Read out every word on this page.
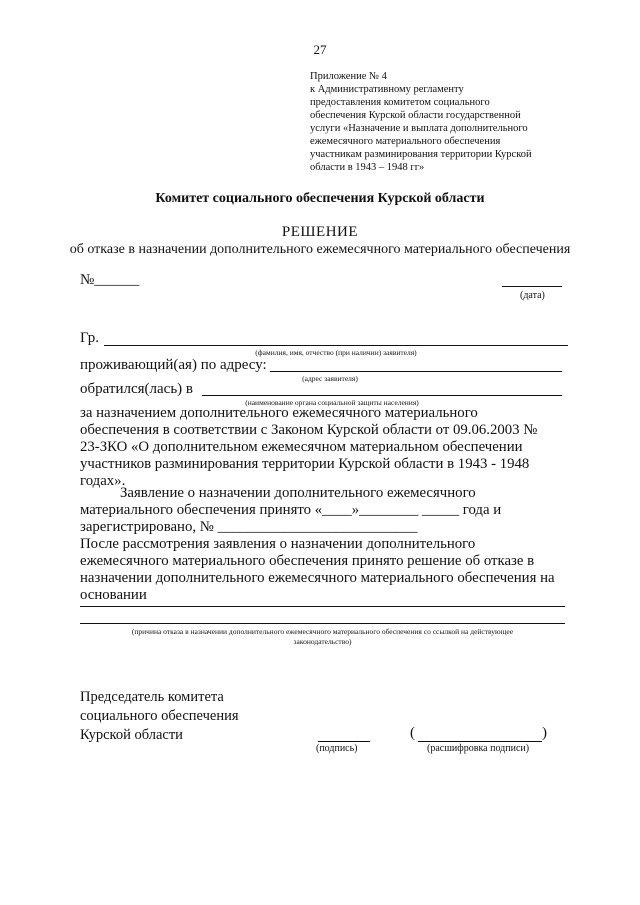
27
Приложение № 4
к Административному регламенту
предоставления комитетом социального
обеспечения Курской области государственной
услуги «Назначение и выплата дополнительного
ежемесячного материального обеспечения
участникам разминирования территории Курской
области в 1943 – 1948 гг»
Комитет социального обеспечения Курской области
РЕШЕНИЕ
об отказе в назначении дополнительного ежемесячного материального обеспечения
№______
(дата)
Гр.
(фамилия, имя, отчество (при наличии) заявителя)
проживающий(ая) по адресу:
(адрес заявителя)
обратился(лась) в
(наименование органа социальной защиты населения)
за назначением дополнительного ежемесячного материального
обеспечения в соответствии с Законом Курской области от 09.06.2003 №
23-ЗКО «О дополнительном ежемесячном материальном обеспечении
участников разминирования территории Курской области в 1943 - 1948
годах».
Заявление о назначении дополнительного ежемесячного
материального обеспечения принято «____»________ _____ года и
зарегистрировано, № ___________________________
После рассмотрения заявления о назначении дополнительного
ежемесячного материального обеспечения принято решение об отказе в
назначении дополнительного ежемесячного материального обеспечения на
основании
(причина отказа в назначении дополнительного ежемесячного материального обеспечения со ссылкой на действующее
законодательство)
Председатель комитета
социального обеспечения
Курской области
(подпись)
(	)
(расшифровка подписи)
